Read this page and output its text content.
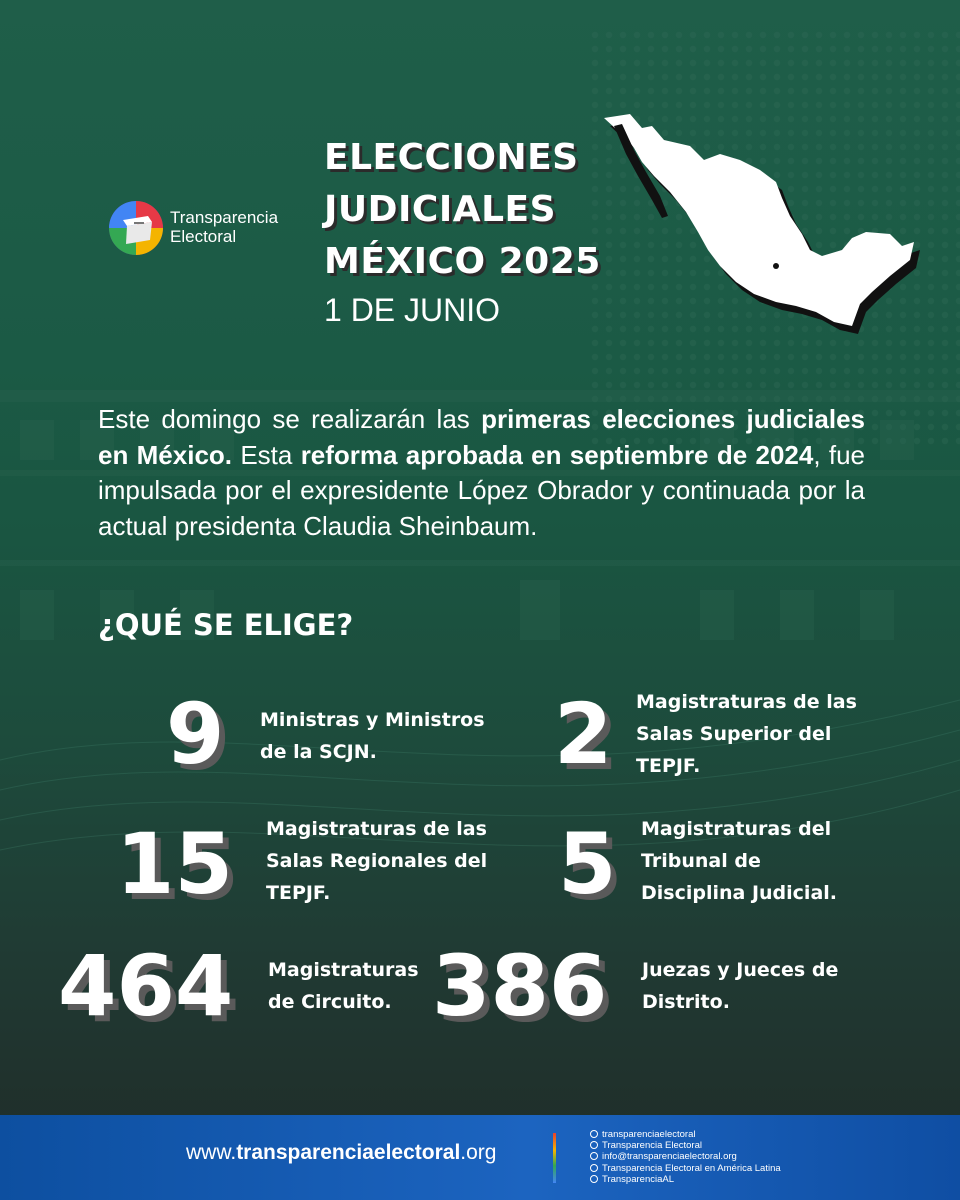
Transparencia
Electoral
ELECCIONES
JUDICIALES
MÉXICO 2025
1 DE JUNIO

Este domingo se realizarán las primeras elecciones judiciales en México. Esta reforma aprobada en septiembre de 2024, fue impulsada por el expresidente López Obrador y continuada por la actual presidenta Claudia Sheinbaum.

¿QUÉ SE ELIGE?
9 Ministras y Ministros
de la SCJN.	2 Magistraturas de las
Salas Superior del
TEPJF.
15 Magistraturas de las
Salas Regionales del
TEPJF.	5 Magistraturas del
Tribunal de
Disciplina Judicial.
464 Magistraturas
de Circuito. 386 Juezas y Jueces de
Distrito.
www.transparenciaelectoral.org
transparenciaelectoral
Transparencia Electoral
info@transparenciaelectoral.org
Transparencia Electoral en América Latina
TransparenciaAL
